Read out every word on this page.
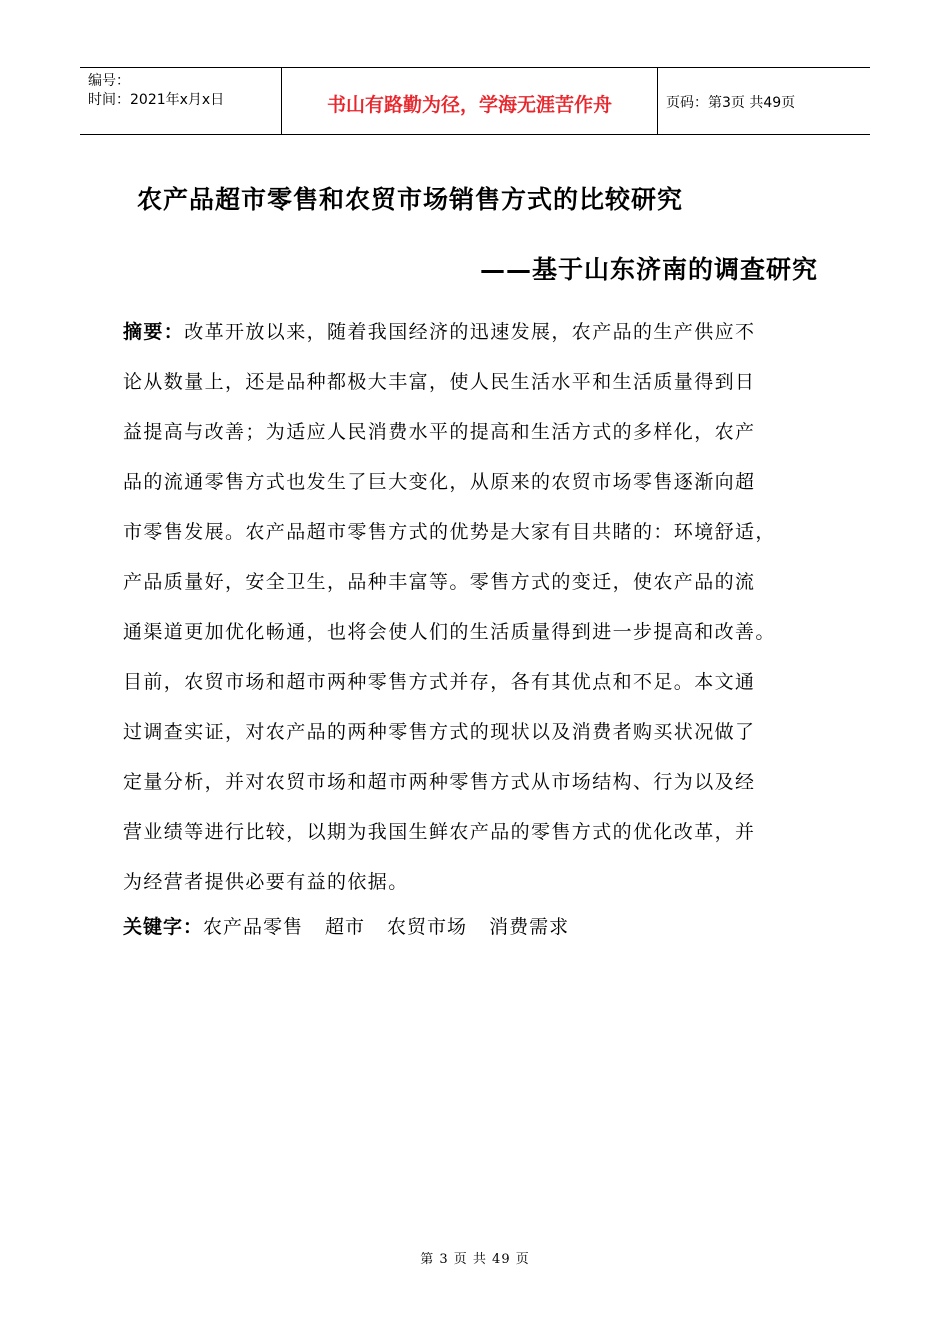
编号：
时间：2021年x月x日	书山有路勤为径，学海无涯苦作舟	页码：第3页 共49页
农产品超市零售和农贸市场销售方式的比较研究
——基于山东济南的调查研究
摘要：改革开放以来，随着我国经济的迅速发展，农产品的生产供应不
论从数量上，还是品种都极大丰富，使人民生活水平和生活质量得到日
益提高与改善；为适应人民消费水平的提高和生活方式的多样化，农产
品的流通零售方式也发生了巨大变化，从原来的农贸市场零售逐渐向超
市零售发展。农产品超市零售方式的优势是大家有目共睹的：环境舒适，
产品质量好，安全卫生，品种丰富等。零售方式的变迁，使农产品的流
通渠道更加优化畅通，也将会使人们的生活质量得到进一步提高和改善。
目前，农贸市场和超市两种零售方式并存，各有其优点和不足。本文通
过调查实证，对农产品的两种零售方式的现状以及消费者购买状况做了
定量分析，并对农贸市场和超市两种零售方式从市场结构、行为以及经
营业绩等进行比较，以期为我国生鲜农产品的零售方式的优化改革，并
为经营者提供必要有益的依据。
关键字：农产品零售 超市 农贸市场 消费需求
第 3 页 共 49 页
